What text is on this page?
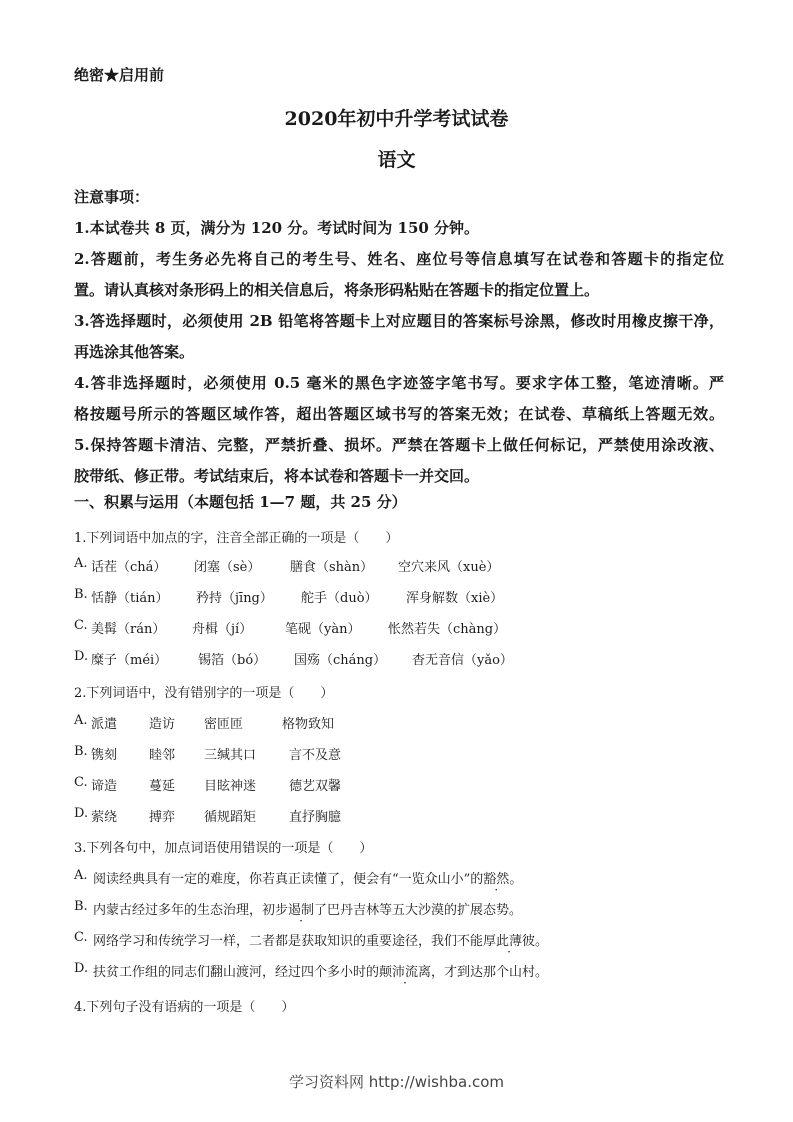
绝密★启用前
2020年初中升学考试试卷
语文
注意事项：
1.本试卷共 8 页，满分为 120 分。考试时间为 150 分钟。
2.答题前，考生务必先将自己的考生号、姓名、座位号等信息填写在试卷和答题卡的指定位
置。请认真核对条形码上的相关信息后，将条形码粘贴在答题卡的指定位置上。
3.答选择题时，必须使用 2B 铅笔将答题卡上对应题目的答案标号涂黑，修改时用橡皮擦干净，
再选涂其他答案。
4.答非选择题时，必须使用 0.5 毫米的黑色字迹签字笔书写。要求字体工整，笔迹清晰。严
格按题号所示的答题区域作答，超出答题区域书写的答案无效；在试卷、草稿纸上答题无效。
5.保持答题卡清洁、完整，严禁折叠、损坏。严禁在答题卡上做任何标记，严禁使用涂改液、
胶带纸、修正带。考试结束后，将本试卷和答题卡一并交回。
一、积累与运用（本题包括 1—7 题，共 25 分）
1.下列词语中加点的字，注音全部正确的一项是（　　）
A. 话茬（chá） 闭塞（sè） 膳食（shàn） 空穴来风（xuè）
B. 恬静（tián） 矜持（jīng） 舵手（duò） 浑身解数（xiè）
C. 美髯（rán） 舟楫（jí）	笔砚（yàn） 怅然若失（chàng）
D. 糜子（méi） 锡箔（bó） 国殇（cháng） 杳无音信（yǎo）
2.下列词语中，没有错别字的一项是（　　）
A. 派遣 造访 密匝匝	格物致知
B. 镌刻 睦邻 三缄其口	言不及意
C. 谛造 蔓延 目眩神迷	德艺双馨
D. 萦绕 搏弈 循规蹈矩	直抒胸臆
3.下列各句中，加点词语使用错误的一项是（　　）
A. 阅读经典具有一定的难度，你若真正读懂了，便会有“一览众山小”的豁然。
B. 内蒙古经过多年的生态治理，初步遏制了巴丹吉林等五大沙漠的扩展态势。
C. 网络学习和传统学习一样，二者都是获取知识的重要途径，我们不能厚此薄彼。
D. 扶贫工作组的同志们翻山渡河，经过四个多小时的颠沛流离，才到达那个山村。
4.下列句子没有语病的一项是（　　）
学习资料网 http://wishba.com
